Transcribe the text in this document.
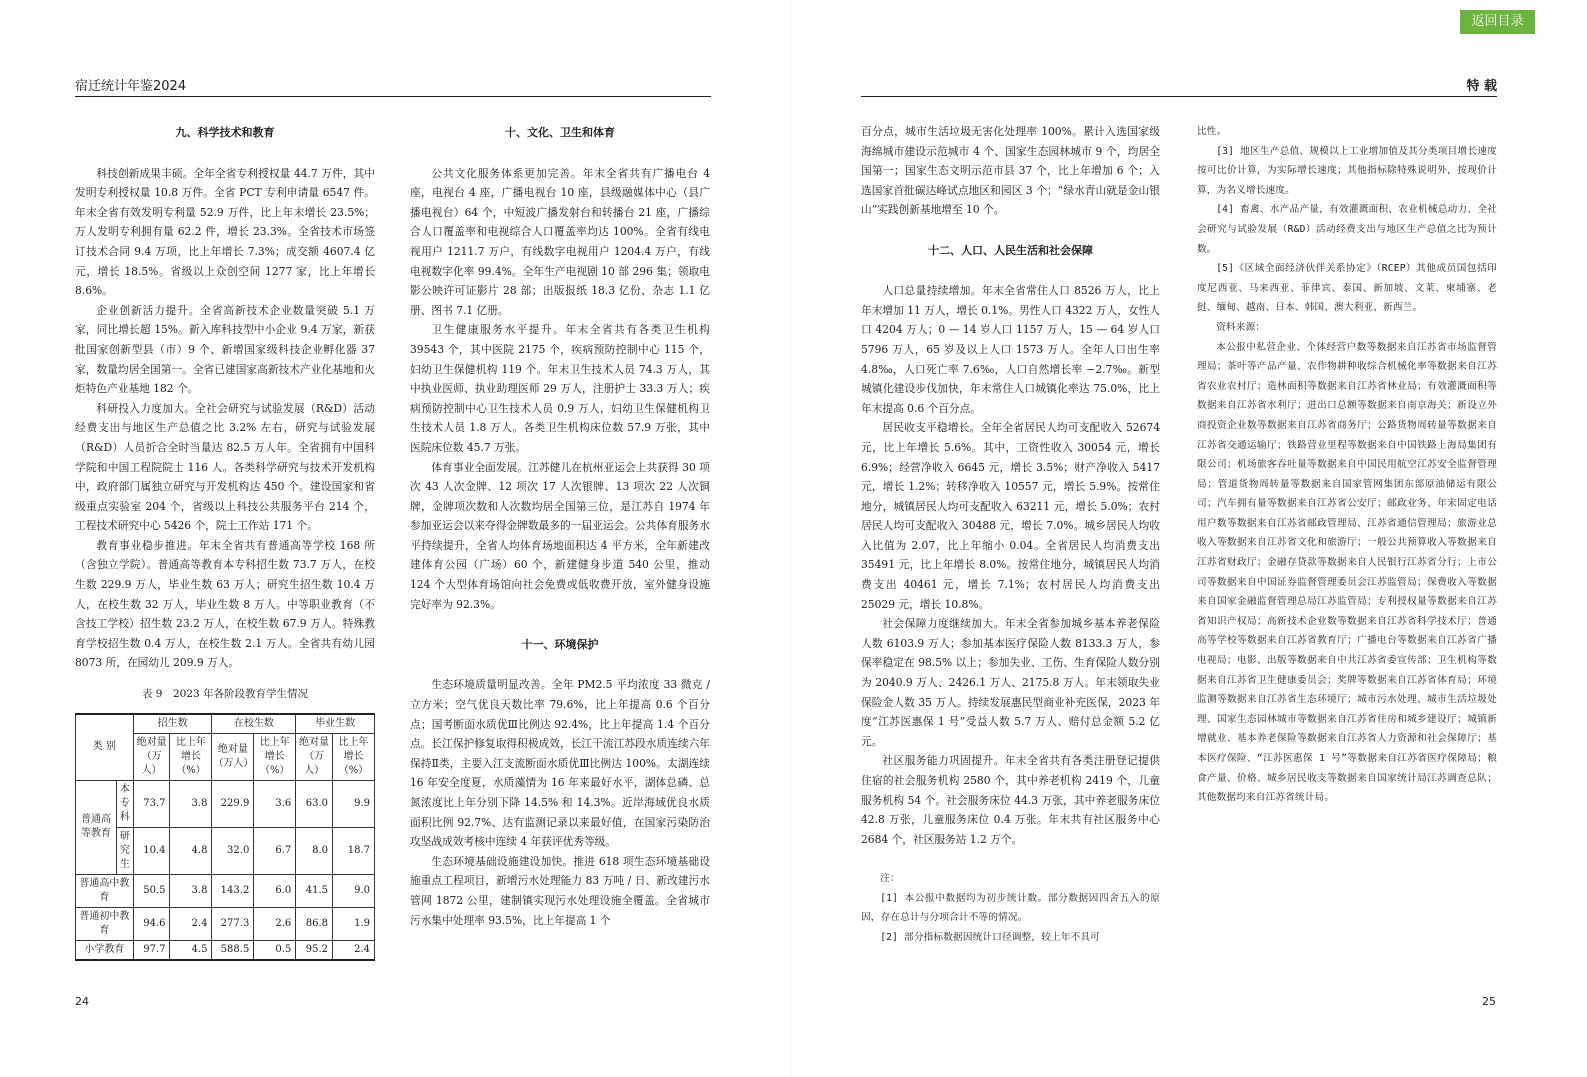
返回目录
宿迁统计年鉴2024	特 载
九、科学技术和教育

科技创新成果丰硕。全年全省专利授权量 44.7 万件，其中发明专利授权量 10.8 万件。全省 PCT 专利申请量 6547 件。年末全省有效发明专利量 52.9 万件，比上年末增长 23.5%；万人发明专利拥有量 62.2 件，增长 23.3%。全省技术市场签订技术合同 9.4 万项，比上年增长 7.3%；成交额 4607.4 亿元，增长 18.5%。省级以上众创空间 1277 家，比上年增长 8.6%。

企业创新活力提升。全省高新技术企业数量突破 5.1 万家，同比增长超 15%。新入库科技型中小企业 9.4 万家，新获批国家创新型县（市）9 个、新增国家级科技企业孵化器 37 家，数量均居全国第一。全省已建国家高新技术产业化基地和火炬特色产业基地 182 个。

科研投入力度加大。全社会研究与试验发展（R&D）活动经费支出与地区生产总值之比 3.2% 左右，研究与试验发展（R&D）人员折合全时当量达 82.5 万人年。全省拥有中国科学院和中国工程院院士 116 人。各类科学研究与技术开发机构中，政府部门属独立研究与开发机构达 450 个。建设国家和省级重点实验室 204 个，省级以上科技公共服务平台 214 个，工程技术研究中心 5426 个，院士工作站 171 个。

教育事业稳步推进。年末全省共有普通高等学校 168 所（含独立学院）。普通高等教育本专科招生数 73.7 万人，在校生数 229.9 万人，毕业生数 63 万人；研究生招生数 10.4 万人，在校生数 32 万人，毕业生数 8 万人。中等职业教育（不含技工学校）招生数 23.2 万人，在校生数 67.9 万人。特殊教育学校招生数 0.4 万人，在校生数 2.1 万人。全省共有幼儿园 8073 所，在园幼儿 209.9 万人。

表 9　2023 年各阶段教育学生情况
类 别		招生数		在校生数		毕业生数	
		绝对量（万人）	比上年增长（%）	绝对量（万人）	比上年增长（%）	绝对量（万人）	比上年增长（%）
普通高等教育	本专科	73.7	3.8	229.9	3.6	63.0	9.9
	研究生	10.4	4.8	32.0	6.7	8.0	18.7
普通高中教育		50.5	3.8	143.2	6.0	41.5	9.0
普通初中教育		94.6	2.4	277.3	2.6	86.8	1.9
小学教育		97.7	4.5	588.5	0.5	95.2	2.4
十、文化、卫生和体育

公共文化服务体系更加完善。年末全省共有广播电台 4 座，电视台 4 座，广播电视台 10 座，县级融媒体中心（县广播电视台）64 个，中短波广播发射台和转播台 21 座，广播综合人口覆盖率和电视综合人口覆盖率均达 100%。全省有线电视用户 1211.7 万户，有线数字电视用户 1204.4 万户，有线电视数字化率 99.4%。全年生产电视剧 10 部 296 集；领取电影公映许可证影片 28 部；出版报纸 18.3 亿份、杂志 1.1 亿册、图书 7.1 亿册。

卫生健康服务水平提升。年末全省共有各类卫生机构 39543 个，其中医院 2175 个，疾病预防控制中心 115 个，妇幼卫生保健机构 119 个。年末卫生技术人员 74.3 万人，其中执业医师、执业助理医师 29 万人，注册护士 33.3 万人；疾病预防控制中心卫生技术人员 0.9 万人，妇幼卫生保健机构卫生技术人员 1.8 万人。各类卫生机构床位数 57.9 万张，其中医院床位数 45.7 万张。

体育事业全面发展。江苏健儿在杭州亚运会上共获得 30 项次 43 人次金牌、12 项次 17 人次银牌、13 项次 22 人次铜牌，金牌项次数和人次数均居全国第三位，是江苏自 1974 年参加亚运会以来夺得金牌数最多的一届亚运会。公共体育服务水平持续提升，全省人均体育场地面积达 4 平方米，全年新建改建体育公园（广场）60 个，新建健身步道 540 公里，推动 124 个大型体育场馆向社会免费或低收费开放，室外健身设施完好率为 92.3%。

十一、环境保护

生态环境质量明显改善。全年 PM2.5 平均浓度 33 微克 / 立方米；空气优良天数比率 79.6%，比上年提高 0.6 个百分点；国考断面水质优Ⅲ比例达 92.4%，比上年提高 1.4 个百分点。长江保护修复取得积极成效，长江干流江苏段水质连续六年保持Ⅱ类，主要入江支流断面水质优Ⅲ比例达 100%。太湖连续 16 年安全度夏，水质藻情为 16 年来最好水平，湖体总磷、总氮浓度比上年分别下降 14.5% 和 14.3%。近岸海域优良水质面积比例 92.7%、达有监测记录以来最好值，在国家污染防治攻坚战成效考核中连续 4 年获评优秀等级。

生态环境基础设施建设加快。推进 618 项生态环境基础设施重点工程项目，新增污水处理能力 83 万吨 / 日、新改建污水管网 1872 公里，建制镇实现污水处理设施全覆盖。全省城市污水集中处理率 93.5%，比上年提高 1 个

百分点，城市生活垃圾无害化处理率 100%。累计入选国家级海绵城市建设示范城市 4 个、国家生态园林城市 9 个，均居全国第一；国家生态文明示范市县 37 个，比上年增加 6 个；入选国家首批碳达峰试点地区和园区 3 个；“绿水青山就是金山银山”实践创新基地增至 10 个。

十二、人口、人民生活和社会保障

人口总量持续增加。年末全省常住人口 8526 万人，比上年末增加 11 万人，增长 0.1%。男性人口 4322 万人，女性人口 4204 万人；0 — 14 岁人口 1157 万人，15 — 64 岁人口 5796 万人，65 岁及以上人口 1573 万人。全年人口出生率 4.8‰，人口死亡率 7.6‰，人口自然增长率 −2.7‰。新型城镇化建设步伐加快，年末常住人口城镇化率达 75.0%，比上年末提高 0.6 个百分点。

居民收支平稳增长。全年全省居民人均可支配收入 52674 元，比上年增长 5.6%。其中，工资性收入 30054 元，增长 6.9%；经营净收入 6645 元，增长 3.5%；财产净收入 5417 元，增长 1.2%；转移净收入 10557 元，增长 5.9%。按常住地分，城镇居民人均可支配收入 63211 元，增长 5.0%；农村居民人均可支配收入 30488 元，增长 7.0%。城乡居民人均收入比值为 2.07，比上年缩小 0.04。全省居民人均消费支出 35491 元，比上年增长 8.0%。按常住地分，城镇居民人均消费支出 40461 元，增长 7.1%；农村居民人均消费支出 25029 元，增长 10.8%。

社会保障力度继续加大。年末全省参加城乡基本养老保险人数 6103.9 万人；参加基本医疗保险人数 8133.3 万人，参保率稳定在 98.5% 以上；参加失业、工伤、生育保险人数分别为 2040.9 万人、2426.1 万人、2175.8 万人。年末领取失业保险金人数 35 万人。持续发展惠民型商业补充医保，2023 年度“江苏医惠保 1 号”受益人数 5.7 万人、赔付总金额 5.2 亿元。

社区服务能力巩固提升。年末全省共有各类注册登记提供住宿的社会服务机构 2580 个，其中养老机构 2419 个，儿童服务机构 54 个。社会服务床位 44.3 万张，其中养老服务床位 42.8 万张，儿童服务床位 0.4 万张。年末共有社区服务中心 2684 个，社区服务站 1.2 万个。

注：

[1] 本公报中数据均为初步统计数。部分数据因四舍五入的原因，存在总计与分项合计不等的情况。

[2] 部分指标数据因统计口径调整，较上年不具可

比性。

[3] 地区生产总值、规模以上工业增加值及其分类项目增长速度按可比价计算，为实际增长速度；其他指标除特殊说明外，按现价计算，为名义增长速度。

[4] 畜禽、水产品产量，有效灌溉面积、农业机械总动力、全社会研究与试验发展（R&D）活动经费支出与地区生产总值之比为预计数。

[5]《区域全面经济伙伴关系协定》（RCEP）其他成员国包括印度尼西亚、马来西亚、菲律宾、泰国、新加坡、文莱、柬埔寨、老挝、缅甸、越南、日本、韩国、澳大利亚、新西兰。

资料来源：

本公报中私营企业、个体经营户数等数据来自江苏省市场监督管理局；茶叶等产品产量、农作物耕种收综合机械化率等数据来自江苏省农业农村厅；造林面积等数据来自江苏省林业局；有效灌溉面积等数据来自江苏省水利厅；进出口总额等数据来自南京海关；新设立外商投资企业数等数据来自江苏省商务厅；公路货物周转量等数据来自江苏省交通运输厅；铁路营业里程等数据来自中国铁路上海局集团有限公司；机场旅客吞吐量等数据来自中国民用航空江苏安全监督管理局；管道货物周转量等数据来自国家管网集团东部原油储运有限公司；汽车拥有量等数据来自江苏省公安厅；邮政业务、年末固定电话用户数等数据来自江苏省邮政管理局、江苏省通信管理局；旅游业总收入等数据来自江苏省文化和旅游厅；一般公共预算收入等数据来自江苏省财政厅；金融存贷款等数据来自人民银行江苏省分行；上市公司等数据来自中国证券监督管理委员会江苏监管局；保费收入等数据来自国家金融监督管理总局江苏监管局；专利授权量等数据来自江苏省知识产权局；高新技术企业数等数据来自江苏省科学技术厅；普通高等学校等数据来自江苏省教育厅；广播电台等数据来自江苏省广播电视局；电影、出版等数据来自中共江苏省委宣传部；卫生机构等数据来自江苏省卫生健康委员会；奖牌等数据来自江苏省体育局；环境监测等数据来自江苏省生态环境厅；城市污水处理、城市生活垃圾处理、国家生态园林城市等数据来自江苏省住房和城乡建设厅；城镇新增就业、基本养老保险等数据来自江苏省人力资源和社会保障厅；基本医疗保险、“江苏医惠保 1 号”等数据来自江苏省医疗保障局；粮食产量、价格、城乡居民收支等数据来自国家统计局江苏调查总队；其他数据均来自江苏省统计局。

24	25
